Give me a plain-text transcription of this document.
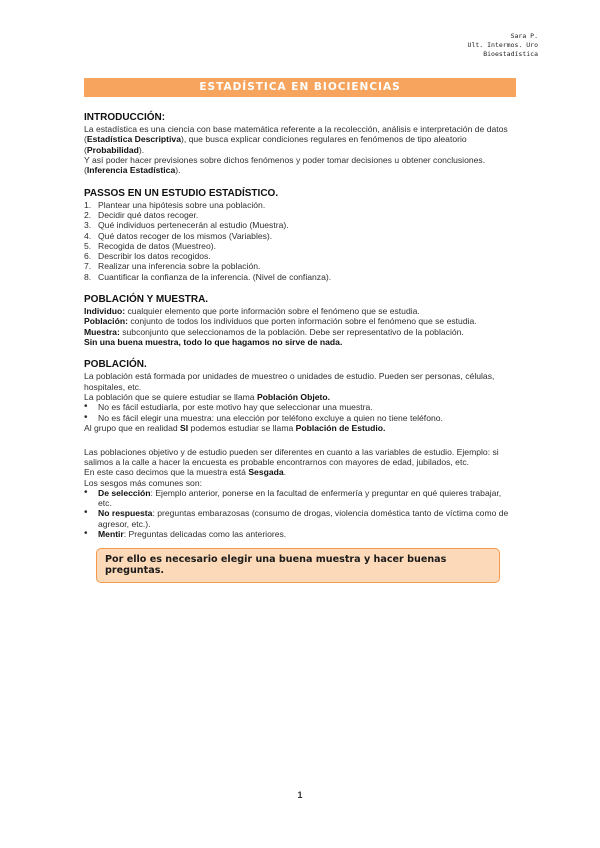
Sara P.
Ult. Intermos. Uro
Bioestadística
ESTADÍSTICA EN BIOCIENCIAS
INTRODUCCIÓN:

La estadística es una ciencia con base matemática referente a la recolección, análisis e interpretación de datos (Estadística Descriptiva), que busca explicar condiciones regulares en fenómenos de tipo aleatorio (Probabilidad).

Y así poder hacer previsiones sobre dichos fenómenos y poder tomar decisiones u obtener conclusiones. (Inferencia Estadística).

PASSOS EN UN ESTUDIO ESTADÍSTICO.
1. Plantear una hipótesis sobre una población.
2. Decidir qué datos recoger.
3. Qué individuos pertenecerán al estudio (Muestra).
4. Qué datos recoger de los mismos (Variables).
5. Recogida de datos (Muestreo).
6. Describir los datos recogidos.
7. Realizar una inferencia sobre la población.
8. Cuantificar la confianza de la inferencia. (Nivel de confianza).
POBLACIÓN Y MUESTRA.

Individuo: cualquier elemento que porte información sobre el fenómeno que se estudia.

Población: conjunto de todos los individuos que porten información sobre el fenómeno que se estudia.

Muestra: subconjunto que seleccionamos de la población. Debe ser representativo de la población.

Sin una buena muestra, todo lo que hagamos no sirve de nada.

POBLACIÓN.

La población está formada por unidades de muestreo o unidades de estudio. Pueden ser personas, células, hospitales, etc.

La población que se quiere estudiar se llama Población Objeto.

•	No es fácil estudiarla, por este motivo hay que seleccionar una muestra.
•	No es fácil elegir una muestra: una elección por teléfono excluye a quien no tiene teléfono.

Al grupo que en realidad SI podemos estudiar se llama Población de Estudio.

Las poblaciones objetivo y de estudio pueden ser diferentes en cuanto a las variables de estudio. Ejemplo: si salimos a la calle a hacer la encuesta es probable encontrarnos con mayores de edad, jubilados, etc.

En este caso decimos que la muestra está Sesgada.

Los sesgos más comunes son:

•	De selección: Ejemplo anterior, ponerse en la facultad de enfermería y preguntar en qué quieres trabajar, etc.
•	No respuesta: preguntas embarazosas (consumo de drogas, violencia doméstica tanto de víctima como de agresor, etc.).
•	Mentir: Preguntas delicadas como las anteriores.
Por ello es necesario elegir una buena muestra y hacer buenas preguntas.
1
